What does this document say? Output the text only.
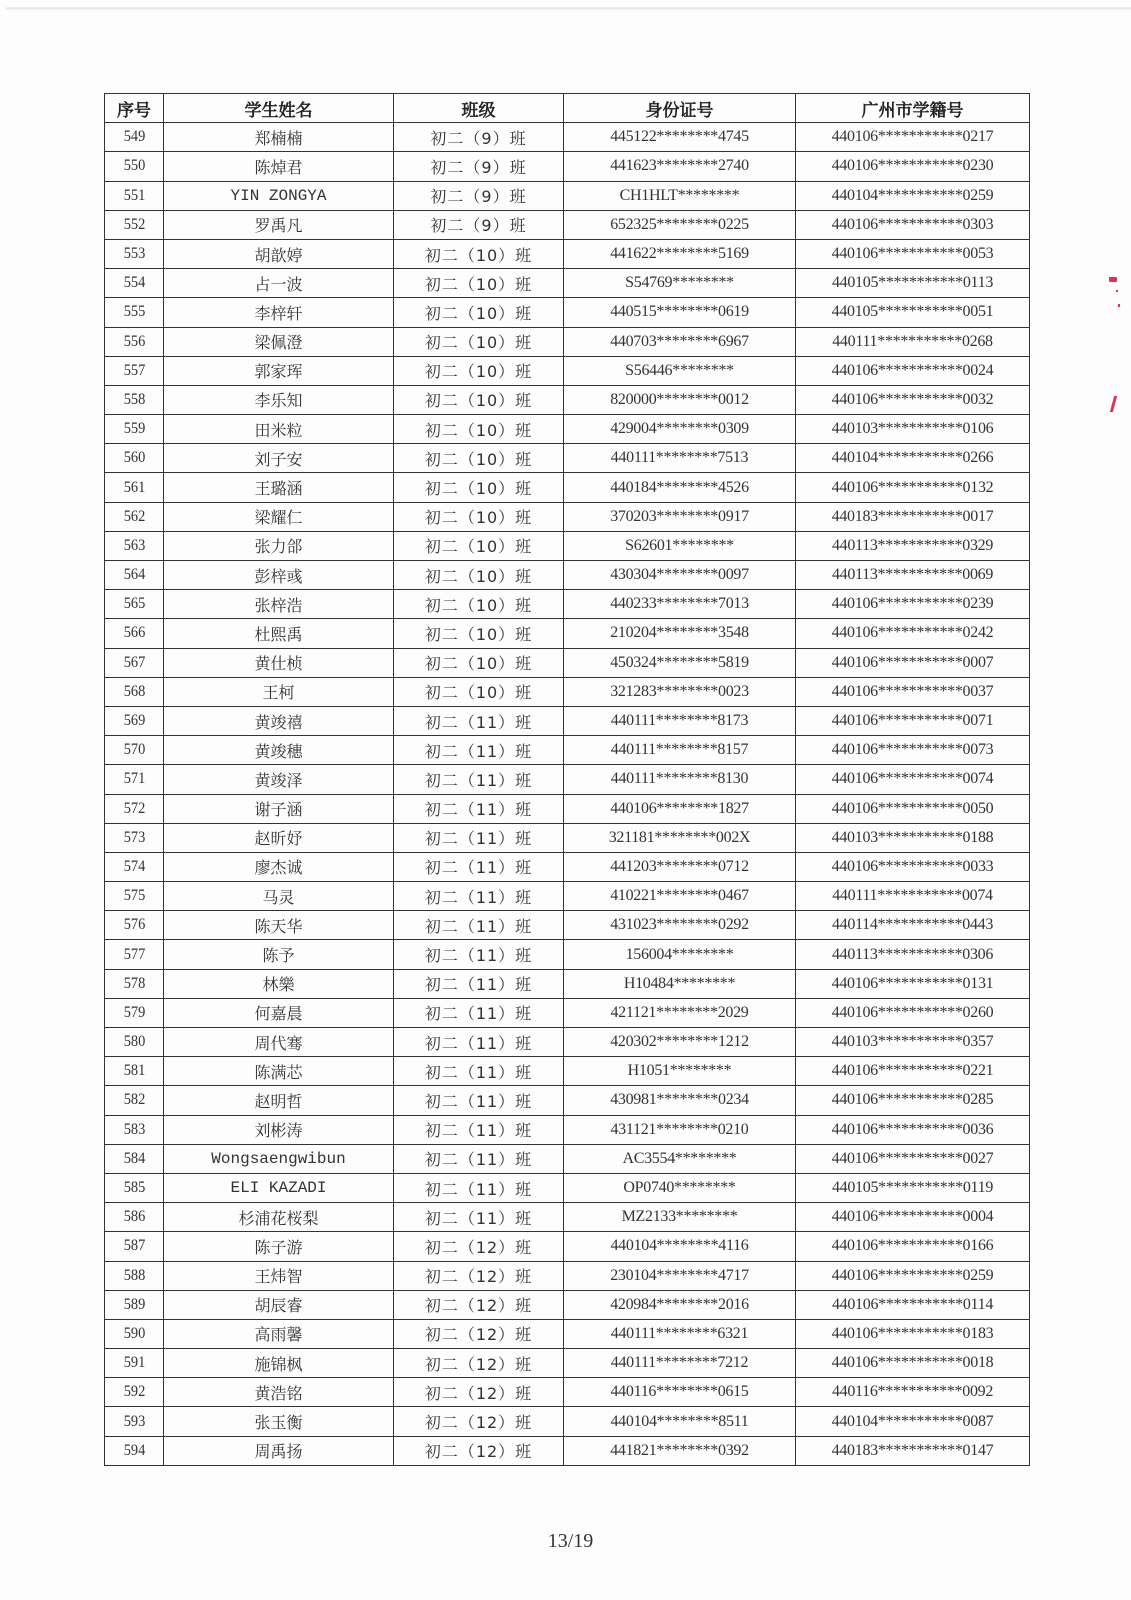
序号	学生姓名	班级	身份证号	广州市学籍号
549	郑楠楠	初二（9）班	445122********4745	440106***********0217
550	陈焯君	初二（9）班	441623********2740	440106***********0230
551	YIN ZONGYA	初二（9）班	CH1HLT********	440104***********0259
552	罗禹凡	初二（9）班	652325********0225	440106***********0303
553	胡歆婷	初二（10）班	441622********5169	440106***********0053
554	占一波	初二（10）班	S54769********	440105***********0113
555	李梓轩	初二（10）班	440515********0619	440105***********0051
556	梁佩澄	初二（10）班	440703********6967	440111***********0268
557	郭家珲	初二（10）班	S56446********	440106***********0024
558	李乐知	初二（10）班	820000********0012	440106***********0032
559	田米粒	初二（10）班	429004********0309	440103***********0106
560	刘子安	初二（10）班	440111********7513	440104***********0266
561	王璐涵	初二（10）班	440184********4526	440106***********0132
562	梁耀仁	初二（10）班	370203********0917	440183***********0017
563	张力郃	初二（10）班	S62601********	440113***********0329
564	彭梓彧	初二（10）班	430304********0097	440113***********0069
565	张梓浩	初二（10）班	440233********7013	440106***********0239
566	杜熙禹	初二（10）班	210204********3548	440106***********0242
567	黄仕桢	初二（10）班	450324********5819	440106***********0007
568	王柯	初二（10）班	321283********0023	440106***********0037
569	黄竣禧	初二（11）班	440111********8173	440106***********0071
570	黄竣穗	初二（11）班	440111********8157	440106***********0073
571	黄竣泽	初二（11）班	440111********8130	440106***********0074
572	谢子涵	初二（11）班	440106********1827	440106***********0050
573	赵昕妤	初二（11）班	321181********002X	440103***********0188
574	廖杰诚	初二（11）班	441203********0712	440106***********0033
575	马灵	初二（11）班	410221********0467	440111***********0074
576	陈天华	初二（11）班	431023********0292	440114***********0443
577	陈予	初二（11）班	156004********	440113***********0306
578	林樂	初二（11）班	H10484********	440106***********0131
579	何嘉晨	初二（11）班	421121********2029	440106***********0260
580	周代骞	初二（11）班	420302********1212	440103***********0357
581	陈满芯	初二（11）班	H1051********	440106***********0221
582	赵明哲	初二（11）班	430981********0234	440106***********0285
583	刘彬涛	初二（11）班	431121********0210	440106***********0036
584	Wongsaengwibun	初二（11）班	AC3554********	440106***********0027
585	ELI KAZADI	初二（11）班	OP0740********	440105***********0119
586	杉浦花桜梨	初二（11）班	MZ2133********	440106***********0004
587	陈子游	初二（12）班	440104********4116	440106***********0166
588	王炜智	初二（12）班	230104********4717	440106***********0259
589	胡辰睿	初二（12）班	420984********2016	440106***********0114
590	高雨馨	初二（12）班	440111********6321	440106***********0183
591	施锦枫	初二（12）班	440111********7212	440106***********0018
592	黄浩铭	初二（12）班	440116********0615	440116***********0092
593	张玉衡	初二（12）班	440104********8511	440104***********0087
594	周禹扬	初二（12）班	441821********0392	440183***********0147
13/19
